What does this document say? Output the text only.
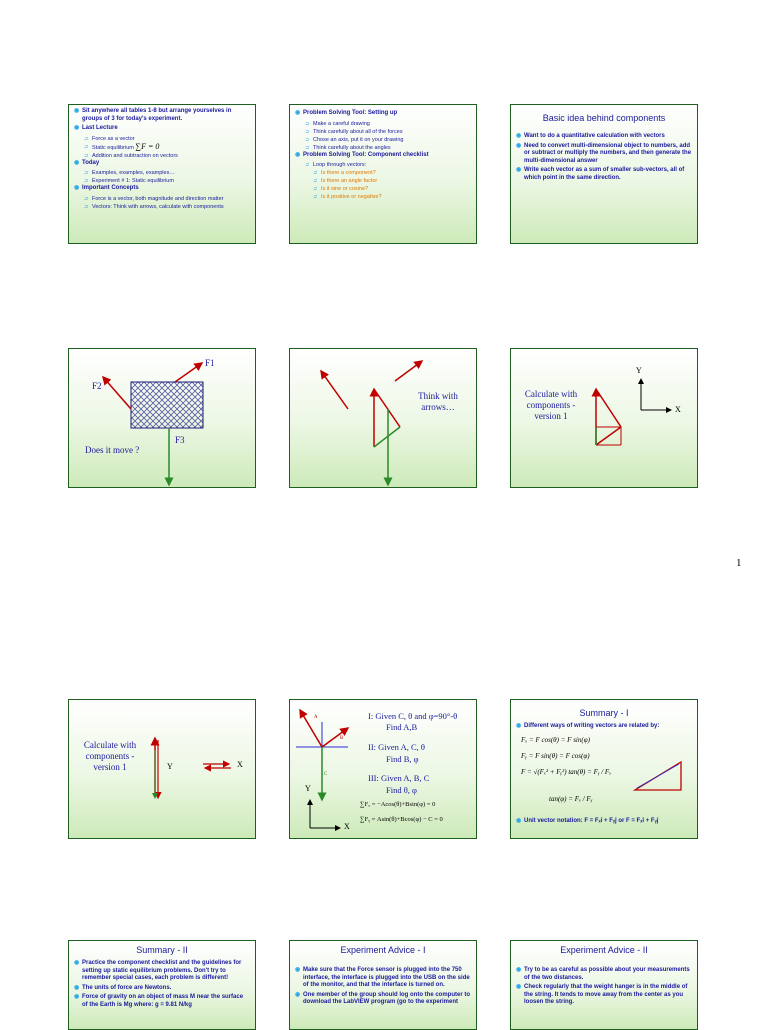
◉ Sit anywhere all tables 1-8 but arrange yourselves in groups of 3 for today's experiment.
◉ Last Lecture
⊃ Force as a vector
⊃ Static equilibrium ∑F = 0
⊃ Addition and subtraction on vectors
◉ Today
⊃ Examples, examples, examples…
⊃ Experiment # 1: Static equilibrium
◉ Important Concepts
⊃ Force is a vector, both magnitude and direction matter
⊃ Vectors: Think with arrows, calculate with components
◉ Problem Solving Tool: Setting up
⊃ Make a careful drawing
⊃ Think carefully about all of the forces
⊃ Chose an axis, put it on your drawing
⊃ Think carefully about the angles
◉ Problem Solving Tool: Component checklist
⊃ Loop through vectors:
⊃ Is there a component?
⊃ Is there an angle factor
⊃ Is it sine or cosine?
⊃ Is it positive or negative?
Basic idea behind components
◉ Want to do a quantitative calculation with vectors
◉ Need to convert multi-dimensional object to numbers, add or subtract or multiply the numbers, and then generate the multi-dimensional answer
◉ Write each vector as a sum of smaller sub-vectors, all of which point in the same direction.
F1
F2
F3
Does it move ?
Think with arrows…
Calculate with components - version 1
Y
X
1
Calculate with components - version 1	Y	X
A
B
C
Y
X
I: Given C, θ and φ=90°-θ
Find A,B
II: Given A, C, θ
Find B, φ
III: Given A, B, C
Find θ, φ
∑Fₓ = −Acos(θ)+Bsin(φ) = 0
∑Fᵧ = Asin(θ)+Bcos(φ) − C = 0
Summary - I
◉ Different ways of writing vectors are related by:
Fₓ = F cos(θ) = F sin(φ)
Fᵧ = F sin(θ) = F cos(φ)
F = √(Fₓ² + Fᵧ²) tan(θ) = Fᵧ / Fₓ
tan(φ) = Fₓ / Fᵧ
◉ Unit vector notation: F = Fₓî + Fᵧĵ or F = Fₓî + Fᵧĵ
Summary - II
◉ Practice the component checklist and the guidelines for setting up static equilibrium problems. Don't try to remember special cases, each problem is different!
◉ The units of force are Newtons.
◉ Force of gravity on an object of mass M near the surface of the Earth is Mg where: g = 9.81 N/kg
Experiment Advice - I
◉ Make sure that the Force sensor is plugged into the 750 interface, the interface is plugged into the USB on the side of the monitor, and that the interface is turned on.
◉ One member of the group should log onto the computer to download the LabVIEW program (go to the experiment
Experiment Advice - II
◉ Try to be as careful as possible about your measurements of the two distances.
◉ Check regularly that the weight hanger is in the middle of the string. It tends to move away from the center as you loosen the string.
